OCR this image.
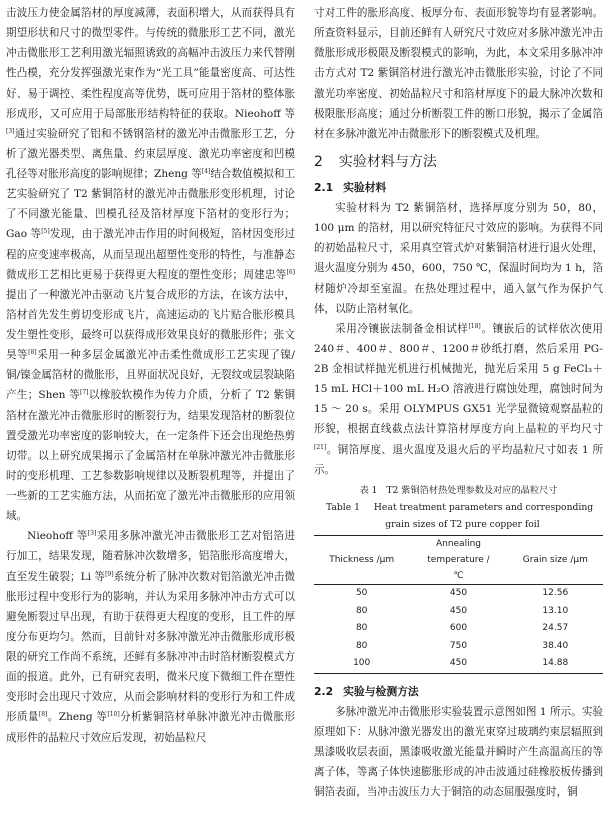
击波压力使金属箔材的厚度减薄，表面积增大，从而获得具有期望形状和尺寸的微型零件。与传统的微胀形工艺不同，激光冲击微胀形工艺利用激光辐照诱致的高幅冲击波压力来代替刚性凸模，充分发挥强激光束作为“光工具”能量密度高、可达性好、易于调控、柔性程度高等优势，既可应用于箔材的整体胀形成形，又可应用于局部胀形结构特征的获取。Nieohoff 等[3]通过实验研究了铝和不锈钢箔材的激光冲击微胀形工艺，分析了激光器类型、离焦量、约束层厚度、激光功率密度和凹模孔径等对胀形高度的影响规律；Zheng 等[4]结合数值模拟和工艺实验研究了 T2 紫铜箔材的激光冲击微胀形变形机理，讨论了不同激光能量、凹模孔径及箔材厚度下箔材的变形行为；Gao 等[5]发现，由于激光冲击作用的时间极短，箔材因变形过程的应变速率极高，从而呈现出超塑性变形的特性，与准静态微成形工艺相比更易于获得更大程度的塑性变形；周建忠等[6]提出了一种激光冲击驱动飞片复合成形的方法，在该方法中，箔材首先发生剪切变形成飞片，高速运动的飞片贴合胀形模具发生塑性变形，最终可以获得成形效果良好的微胀形件；张文昊等[8]采用一种多层金属激光冲击柔性微成形工艺实现了镍/铜/镍金属箔材的微胀形，且界面状况良好，无裂纹或层裂缺陷产生；Shen 等[7]以橡胶软模作为传力介质，分析了 T2 紫铜箔材在激光冲击微胀形时的断裂行为，结果发现箔材的断裂位置受激光功率密度的影响较大，在一定条件下还会出现绝热剪切带。以上研究成果揭示了金属箔材在单脉冲激光冲击微胀形时的变形机理、工艺参数影响规律以及断裂机理等，并提出了一些新的工艺实施方法，从而拓宽了激光冲击微胀形的应用领域。

Nieohoff 等[3]采用多脉冲激光冲击微胀形工艺对铝箔进行加工，结果发现，随着脉冲次数增多，铝箔胀形高度增大，直至发生破裂；Li 等[9]系统分析了脉冲次数对铝箔激光冲击微胀形过程中变形行为的影响，并认为采用多脉冲冲击方式可以避免断裂过早出现，有助于获得更大程度的变形，且工件的厚度分布更均匀。然而，目前针对多脉冲激光冲击微胀形成形极限的研究工作尚不系统，还鲜有多脉冲冲击时箔材断裂模式方面的报道。此外，已有研究表明，微米尺度下微细工件在塑性变形时会出现尺寸效应，从而会影响材料的变形行为和工件成形质量[8]。Zheng 等[10]分析紫铜箔材单脉冲激光冲击微胀形成形件的晶粒尺寸效应后发现，初始晶粒尺

寸对工件的胀形高度、板厚分布、表面形貌等均有显著影响。所查资料显示，目前还鲜有人研究尺寸效应对多脉冲激光冲击微胀形成形极限及断裂模式的影响，为此，本文采用多脉冲冲击方式对 T2 紫铜箔材进行激光冲击微胀形实验，讨论了不同激光功率密度、初始晶粒尺寸和箔材厚度下的最大脉冲次数和极限胀形高度；通过分析断裂工件的断口形貌，揭示了金属箔材在多脉冲激光冲击微胀形下的断裂模式及机理。

2 实验材料与方法
2.1 实验材料

实验材料为 T2 紫铜箔材，选择厚度分别为 50，80，100 μm 的箔材，用以研究特征尺寸效应的影响。为获得不同的初始晶粒尺寸，采用真空管式炉对紫铜箔材进行退火处理，退火温度分别为 450，600，750 ℃，保温时间均为 1 h，箔材随炉冷却至室温。在热处理过程中，通入氩气作为保护气体，以防止箔材氧化。

采用冷镶嵌法制备金相试样[18]。镶嵌后的试样依次使用 240＃、400＃、800＃、1200＃砂纸打磨，然后采用 PG-2B 金相试样抛光机进行机械抛光，抛光后采用 5 g FeCl₃＋15 mL HCl＋100 mL H₂O 溶液进行腐蚀处理，腐蚀时间为 15 ～ 20 s。采用 OLYMPUS GX51 光学显微镜观察晶粒的形貌，根据直线截点法计算箔材厚度方向上晶粒的平均尺寸[21]。铜箔厚度、退火温度及退火后的平均晶粒尺寸如表 1 所示。

表 1 T2 紫铜箔材热处理参数及对应的晶粒尺寸
Table 1 Heat treatment parameters and corresponding
grain sizes of T2 pure copper foil
Thickness /μm	Annealing temperature /℃	Grain size /μm
50	450	12.56
80	450	13.10
80	600	24.57
80	750	38.40
100	450	14.88
2.2 实验与检测方法

多脉冲激光冲击微胀形实验装置示意图如图 1 所示。实验原理如下：从脉冲激光器发出的激光束穿过玻璃约束层辐照到黑漆吸收层表面，黑漆吸收激光能量并瞬时产生高温高压的等离子体，等离子体快速膨胀形成的冲击波通过硅橡胶板传播到铜箔表面，当冲击波压力大于铜箔的动态屈服强度时，铜
